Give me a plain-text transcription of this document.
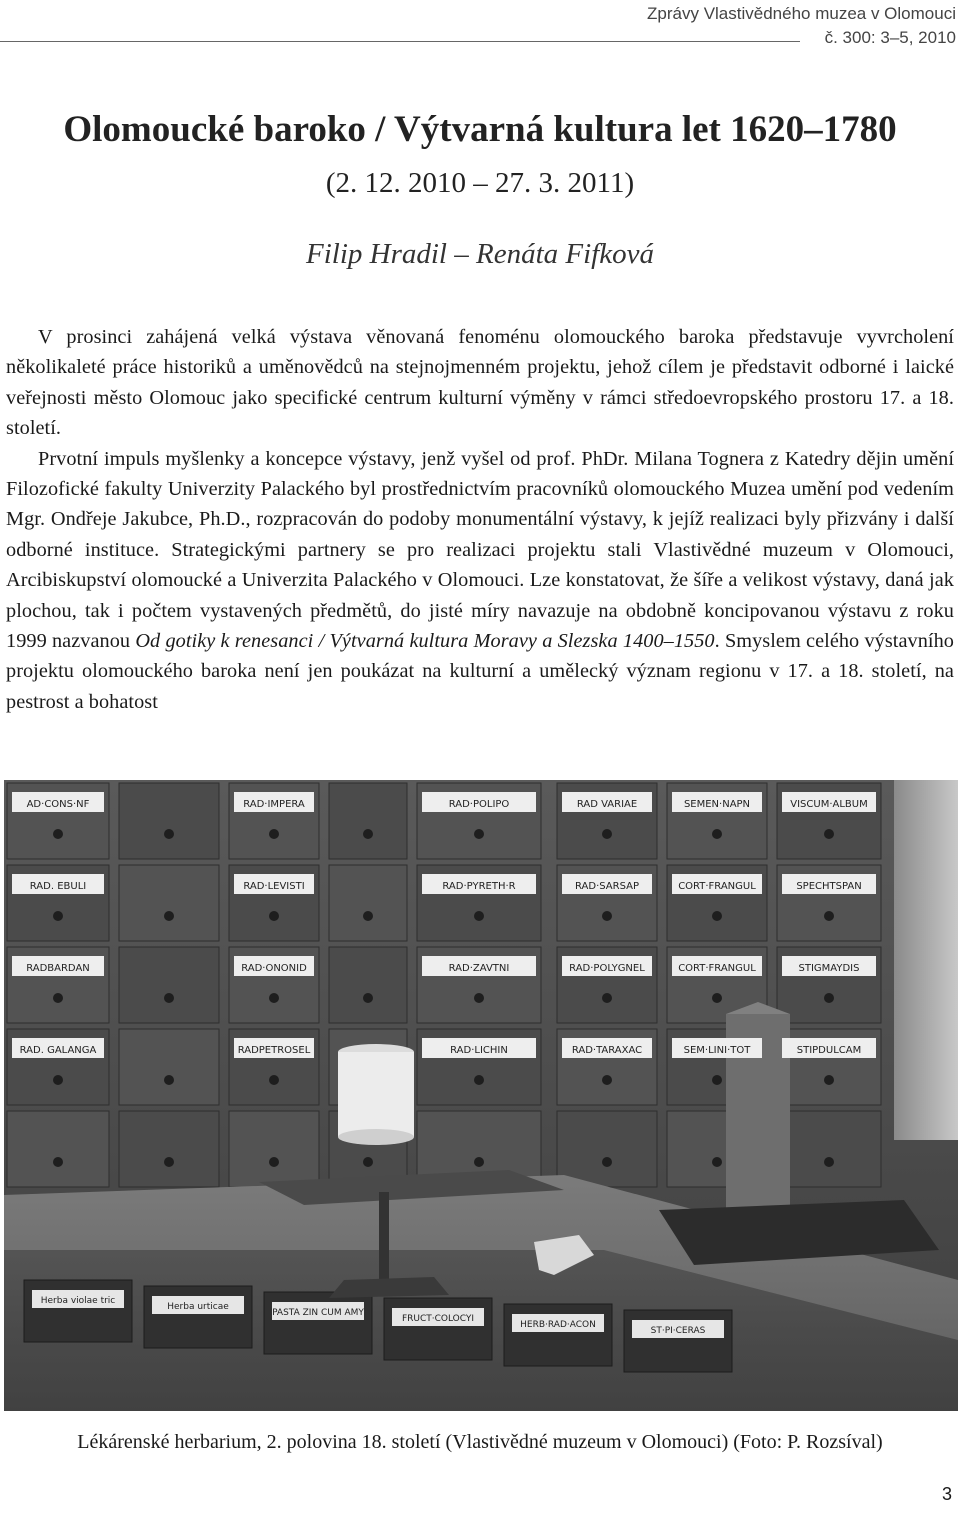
Zprávy Vlastivědného muzea v Olomouci
č. 300: 3–5, 2010
Olomoucké baroko / Výtvarná kultura let 1620–1780
(2. 12. 2010 – 27. 3. 2011)
Filip Hradil – Renáta Fifková

V prosinci zahájená velká výstava věnovaná fenoménu olomouckého baroka představuje vyvrcholení několikaleté práce historiků a uměnovědců na stejnojmenném projektu, jehož cílem je představit odborné i laické veřejnosti město Olomouc jako specifické centrum kulturní výměny v rámci středoevropského prostoru 17. a 18. století.

Prvotní impuls myšlenky a koncepce výstavy, jenž vyšel od prof. PhDr. Milana Tognera z Katedry dějin umění Filozofické fakulty Univerzity Palackého byl prostřednictvím pracovníků olomouckého Muzea umění pod vedením Mgr. Ondřeje Jakubce, Ph.D., rozpracován do podoby monumentální výstavy, k jejíž realizaci byly přizvány i další odborné instituce. Strategickými partnery se pro realizaci projektu stali Vlastivědné muzeum v Olomouci, Arcibiskupství olomoucké a Univerzita Palackého v Olomouci. Lze konstatovat, že šíře a velikost výstavy, daná jak plochou, tak i počtem vystavených předmětů, do jisté míry navazuje na obdobně koncipovanou výstavu z roku 1999 nazvanou Od gotiky k renesanci / Výtvarná kultura Moravy a Slezska 1400–1550. Smyslem celého výstavního projektu olomouckého baroka není jen poukázat na kulturní a umělecký význam regionu v 17. a 18. století, na pestrost a bohatost

Herba violae tric
Herba urticae
PASTA ZIN CUM AMY
FRUCT·COLOCYI
HERB·RAD·ACON
ST·PI·CERAS
AD·CONS·NF	RAD·IMPERA	RAD·POLIPO	RAD VARIAE	SEMEN·NAPN	VISCUM·ALBUM
RAD. EBULI	RAD·LEVISTI	RAD·PYRETH·R	RAD·SARSAP	CORT·FRANGUL	SPECHTSPAN
RADBARDAN	RAD·ONONID	RAD·ZAVTNI	RAD·POLYGNEL	CORT·FRANGUL	STIGMAYDIS
RAD. GALANGA	RADPETROSEL	RAD·LICHIN	RAD·TARAXAC	SEM·LINI·TOT	STIPDULCAM
Lékárenské herbarium, 2. polovina 18. století (Vlastivědné muzeum v Olomouci) (Foto: P. Rozsíval)
3
